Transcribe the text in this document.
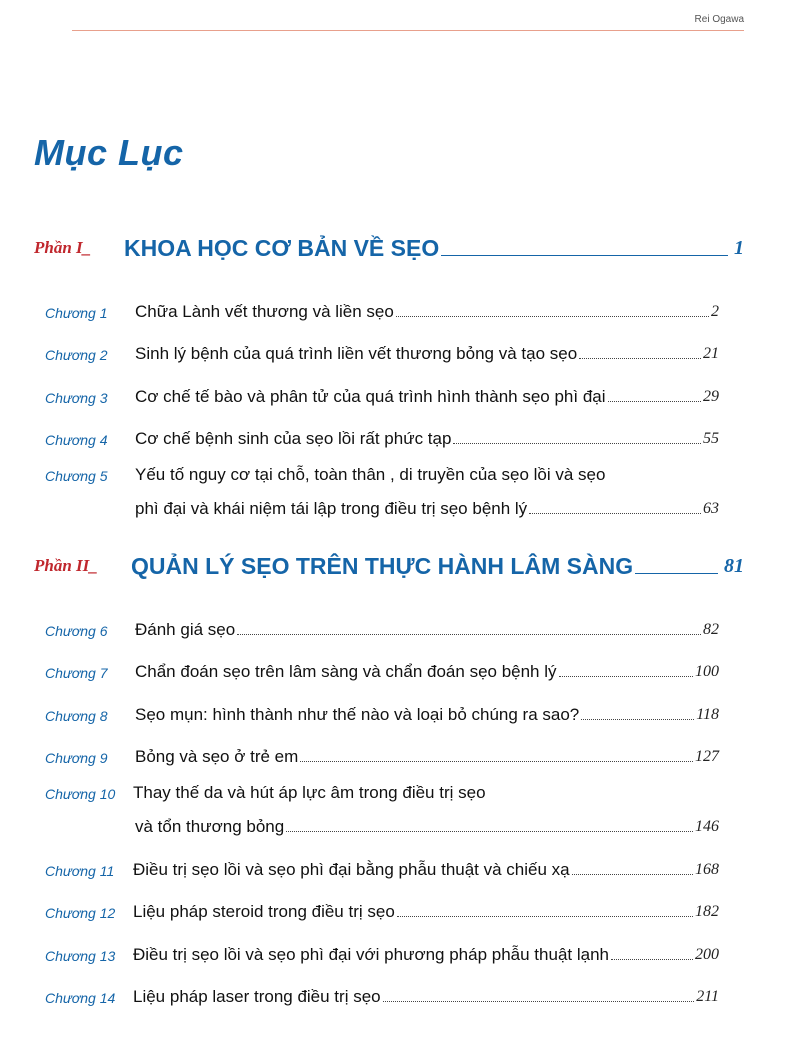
Rei Ogawa
Mục Lục
Phần I_	KHOA HỌC CƠ BẢN VỀ SẸO	1
Chương 1	Chữa Lành vết thương và liền sẹo	2
Chương 2	Sinh lý bệnh của quá trình liền vết thương bỏng và tạo sẹo	21
Chương 3	Cơ chế tế bào và phân tử của quá trình hình thành sẹo phì đại	29
Chương 4	Cơ chế bệnh sinh của sẹo lồi rất phức tạp	55
Chương 5	Yếu tố nguy cơ tại chỗ, toàn thân , di truyền của sẹo lồi và sẹo
phì đại và khái niệm tái lập trong điều trị sẹo bệnh lý	63
Phần II_	QUẢN LÝ SẸO TRÊN THỰC HÀNH LÂM SÀNG	81
Chương 6	Đánh giá sẹo	82
Chương 7	Chẩn đoán sẹo trên lâm sàng và chẩn đoán sẹo bệnh lý	100
Chương 8	Sẹo mụn: hình thành như thế nào và loại bỏ chúng ra sao?	118
Chương 9	Bỏng và sẹo ở trẻ em	127
Chương 10	Thay thế da và hút áp lực âm trong điều trị sẹo
và tổn thương bỏng	146
Chương 11	Điều trị sẹo lồi và sẹo phì đại bằng phẫu thuật và chiếu xạ	168
Chương 12	Liệu pháp steroid trong điều trị sẹo	182
Chương 13	Điều trị sẹo lồi và sẹo phì đại với phương pháp phẫu thuật lạnh	200
Chương 14	Liệu pháp laser trong điều trị sẹo	211
